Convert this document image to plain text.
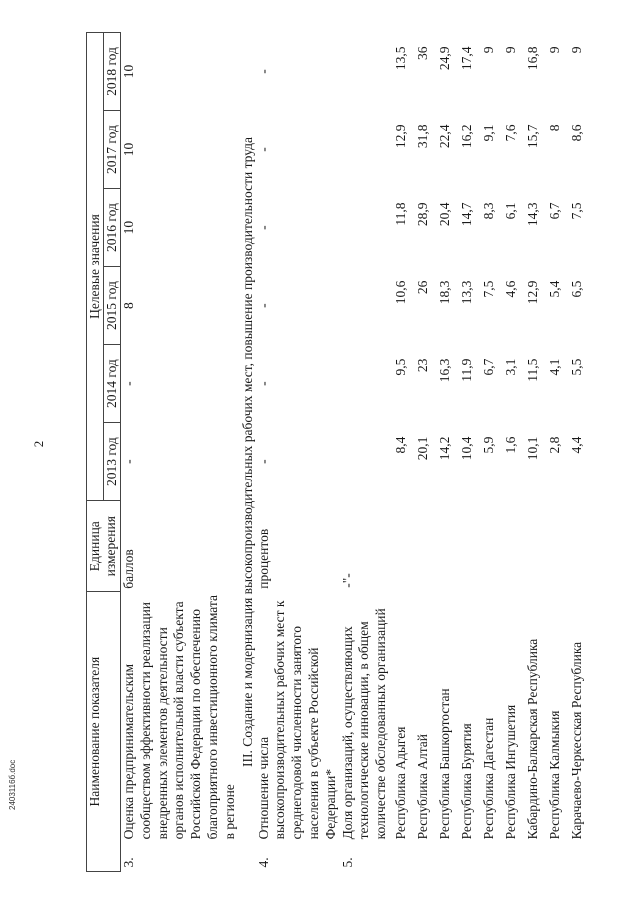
2
2403116б.doc	Наименование показателя		Единица измерения	Целевые значения					
			2013 год	2014 год	2015 год	2016 год	2017 год	2018 год
3.	Оценка предпринимательским сообществом эффективности реализации внедренных элементов деятельности органов исполнительной власти субъекта Российской Федерации по обеспечению благоприятного инвестиционного климата в регионе	баллов	-	-	8	10	10	10
III. Создание и модернизация высокопроизводительных рабочих мест, повышение производительности труда								
4.	Отношение числа высокопроизводительных рабочих мест к среднегодовой численности занятого населения в субъекте Российской Федерации*	процентов	-	-	-	-	-	-
5.	Доля организаций, осуществляющих технологические инновации, в общем количестве обследованных организаций	-"-						
	Республика Адыгея		8,4	9,5	10,6	11,8	12,9	13,5
	Республика Алтай		20,1	23	26	28,9	31,8	36
	Республика Башкортостан		14,2	16,3	18,3	20,4	22,4	24,9
	Республика Бурятия		10,4	11,9	13,3	14,7	16,2	17,4
	Республика Дагестан		5,9	6,7	7,5	8,3	9,1	9
	Республика Ингушетия		1,6	3,1	4,6	6,1	7,6	9
	Кабардино-Балкарская Республика		10,1	11,5	12,9	14,3	15,7	16,8
	Республика Калмыкия		2,8	4,1	5,4	6,7	8	9
	Карачаево-Черкесская Республика		4,4	5,5	6,5	7,5	8,6	9
